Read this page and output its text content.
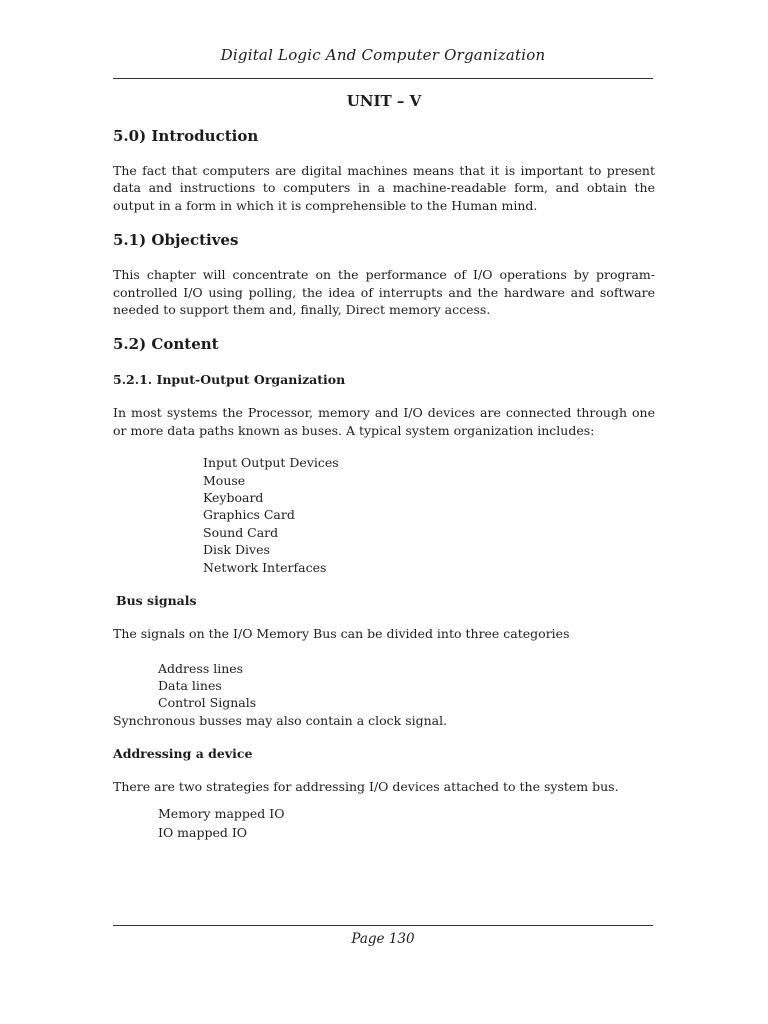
Digital Logic And Computer Organization
UNIT – V
5.0) Introduction

The fact that computers are digital machines means that it is important to present data and instructions to computers in a machine-readable form, and obtain the output in a form in which it is comprehensible to the Human mind.

5.1) Objectives

This chapter will concentrate on the performance of I/O operations by program-controlled I/O using polling, the idea of interrupts and the hardware and software needed to support them and, finally, Direct memory access.

5.2) Content
5.2.1. Input-Output Organization

In most systems the Processor, memory and I/O devices are connected through one or more data paths known as buses. A typical system organization includes:

Input Output Devices
Mouse
Keyboard
Graphics Card
Sound Card
Disk Dives
Network Interfaces
Bus signals

The signals on the I/O Memory Bus can be divided into three categories

Address lines
Data lines
Control Signals

Synchronous busses may also contain a clock signal.

Addressing a device

There are two strategies for addressing I/O devices attached to the system bus.

Memory mapped IO
IO mapped IO
Page 130
